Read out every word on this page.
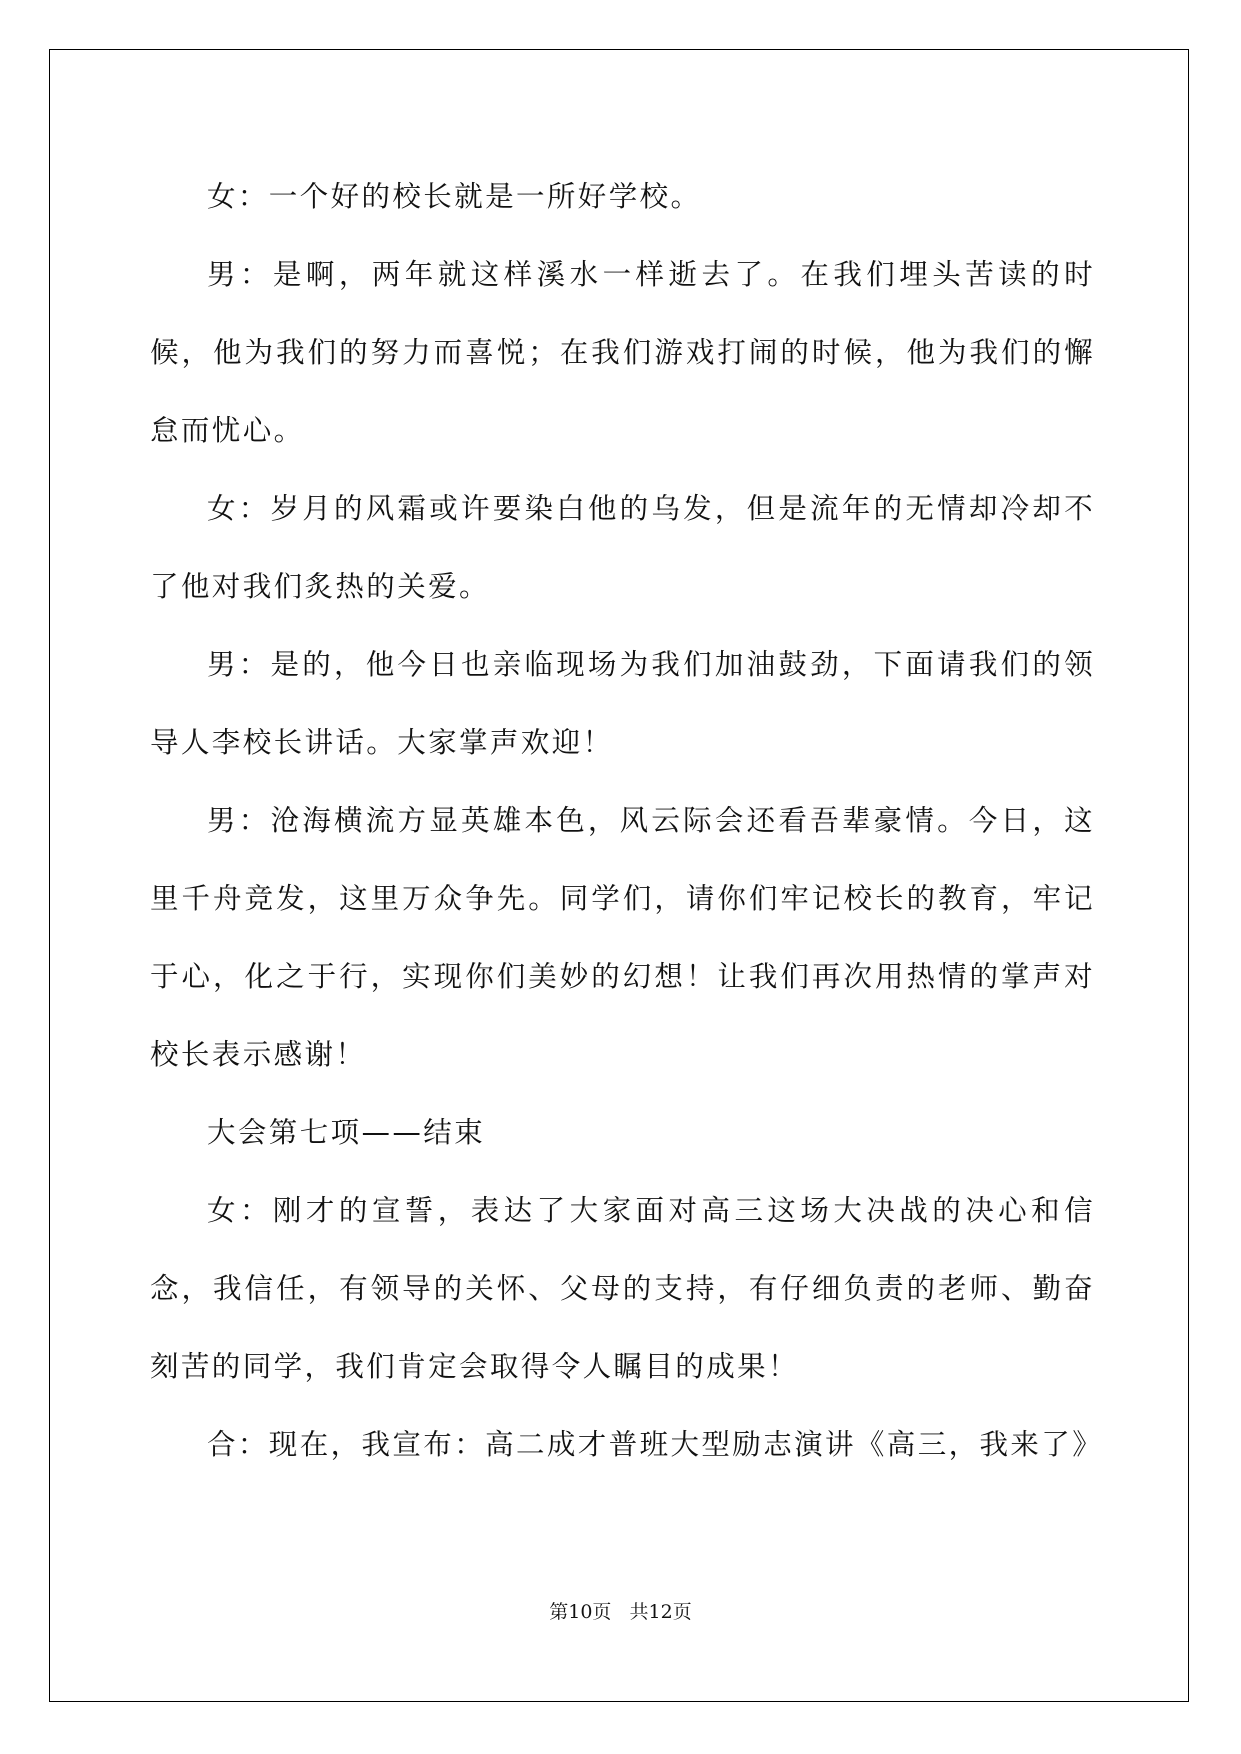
女：一个好的校长就是一所好学校。

男：是啊，两年就这样溪水一样逝去了。在我们埋头苦读的时候，他为我们的努力而喜悦；在我们游戏打闹的时候，他为我们的懈怠而忧心。

女：岁月的风霜或许要染白他的乌发，但是流年的无情却冷却不了他对我们炙热的关爱。

男：是的，他今日也亲临现场为我们加油鼓劲，下面请我们的领导人李校长讲话。大家掌声欢迎！

男：沧海横流方显英雄本色，风云际会还看吾辈豪情。今日，这里千舟竞发，这里万众争先。同学们，请你们牢记校长的教育，牢记于心，化之于行，实现你们美妙的幻想！让我们再次用热情的掌声对校长表示感谢！

大会第七项——结束

女：刚才的宣誓，表达了大家面对高三这场大决战的决心和信念，我信任，有领导的关怀、父母的支持，有仔细负责的老师、勤奋刻苦的同学，我们肯定会取得令人瞩目的成果！

合：现在，我宣布：高二成才普班大型励志演讲《高三，我来了》

第10页   共12页
